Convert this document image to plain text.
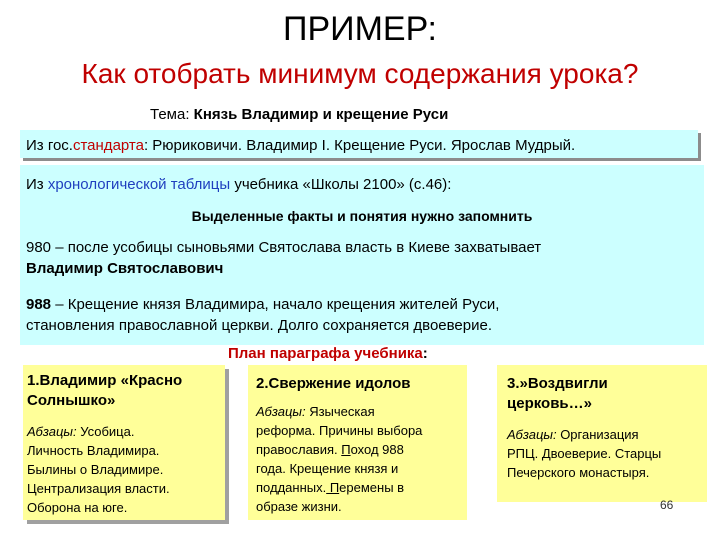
ПРИМЕР:
Как отобрать минимум содержания урока?
Тема: Князь Владимир и крещение Руси
Из гос.стандарта: Рюриковичи. Владимир I. Крещение Руси. Ярослав Мудрый.
Из хронологической таблицы учебника «Школы 2100» (с.46):
Выделенные факты и понятия нужно запомнить
980 – после усобицы сыновьями Святослава власть в Киеве захватывает
Владимир Святославович
988 – Крещение князя Владимира, начало крещения жителей Руси,
становления православной церкви. Долго сохраняется двоеверие.
План параграфа учебника:
1.Владимир «Красно
Солнышко»
Абзацы: Усобица.
Личность Владимира.
Былины о Владимире.
Централизация власти.
Оборона на юге.
2.Свержение идолов
Абзацы: Языческая
реформа. Причины выбора
православия. Поход 988
года. Крещение князя и
подданных. Перемены в
образе жизни.
3.»Воздвигли
церковь…»
Абзацы: Организация
РПЦ. Двоеверие. Старцы
Печерского монастыря.
66
